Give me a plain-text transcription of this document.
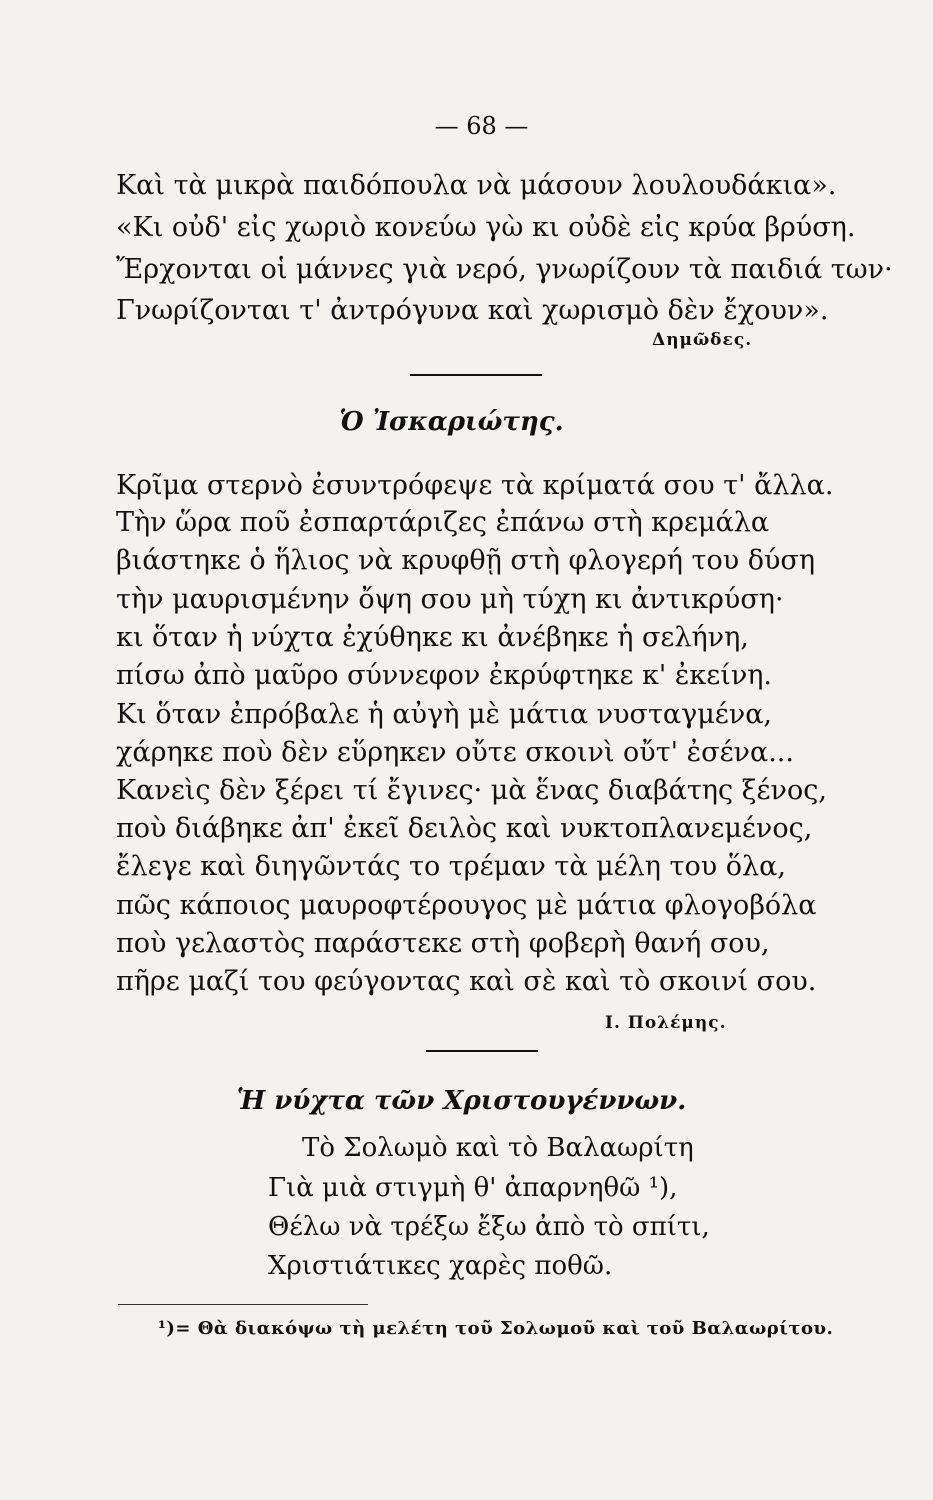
— 68 —
Καὶ τὰ μικρὰ παιδόπουλα νὰ μάσουν λουλουδάκια».
«Κι οὐδ' εἰς χωριὸ κονεύω γὼ κι οὐδὲ εἰς κρύα βρύση.
Ἔρχονται οἱ μάννες γιὰ νερό, γνωρίζουν τὰ παιδιά των·
Γνωρίζονται τ' ἀντρόγυνα καὶ χωρισμὸ δὲν ἔχουν».
Δημῶδες.
Ὁ Ἰσκαριώτης.
Κρῖμα στερνὸ ἐσυντρόφεψε τὰ κρίματά σου τ' ἄλλα.
Τὴν ὥρα ποῦ ἐσπαρτάριζες ἐπάνω στὴ κρεμάλα
βιάστηκε ὁ ἥλιος νὰ κρυφθῇ στὴ φλογερή του δύση
τὴν μαυρισμένην ὄψη σου μὴ τύχη κι ἀντικρύση·
κι ὅταν ἡ νύχτα ἐχύθηκε κι ἀνέβηκε ἡ σελήνη,
πίσω ἀπὸ μαῦρο σύννεφον ἐκρύφτηκε κ' ἐκείνη.
Κι ὅταν ἐπρόβαλε ἡ αὐγὴ μὲ μάτια νυσταγμένα,
χάρηκε ποὺ δὲν εὕρηκεν οὔτε σκοινὶ οὔτ' ἐσένα...
Κανεὶς δὲν ξέρει τί ἔγινες· μὰ ἕνας διαβάτης ξένος,
ποὺ διάβηκε ἀπ' ἐκεῖ δειλὸς καὶ νυκτοπλανεμένος,
ἔλεγε καὶ διηγῶντάς το τρέμαν τὰ μέλη του ὅλα,
πῶς κάποιος μαυροφτέρουγος μὲ μάτια φλογοβόλα
ποὺ γελαστὸς παράστεκε στὴ φοβερὴ θανή σου,
πῆρε μαζί του φεύγοντας καὶ σὲ καὶ τὸ σκοινί σου.
Ι. Πολέμης.
Ἡ νύχτα τῶν Χριστουγέννων.
Τὸ Σολωμὸ καὶ τὸ Βαλαωρίτη
Γιὰ μιὰ στιγμὴ θ' ἀπαρνηθῶ ¹),
Θέλω νὰ τρέξω ἔξω ἀπὸ τὸ σπίτι,
Χριστιάτικες χαρὲς ποθῶ.
¹)= Θὰ διακόψω τὴ μελέτη τοῦ Σολωμοῦ καὶ τοῦ Βαλαωρίτου.
